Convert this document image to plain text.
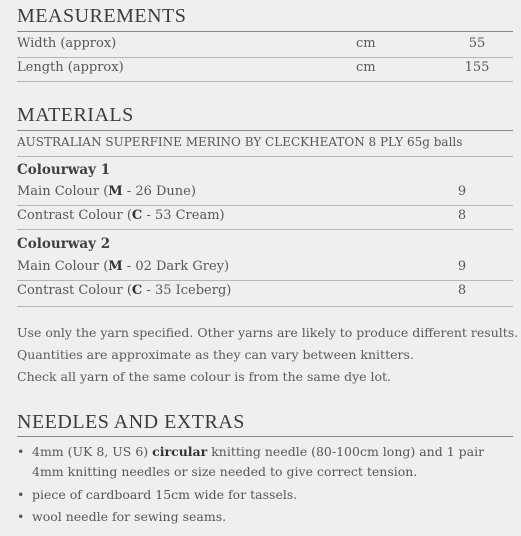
MEASUREMENTS
Width (approx)	cm	55
Length (approx)	cm	155
MATERIALS
AUSTRALIAN SUPERFINE MERINO BY CLECKHEATON 8 PLY 65g balls
Colourway 1
Main Colour (M - 26 Dune)	9
Contrast Colour (C - 53 Cream)	8
Colourway 2
Main Colour (M - 02 Dark Grey)	9
Contrast Colour (C - 35 Iceberg)	8
Use only the yarn specified. Other yarns are likely to produce different results.
Quantities are approximate as they can vary between knitters.
Check all yarn of the same colour is from the same dye lot.
NEEDLES AND EXTRAS
• 4mm (UK 8, US 6) circular knitting needle (80-100cm long) and 1 pair
4mm knitting needles or size needed to give correct tension.
• piece of cardboard 15cm wide for tassels.
• wool needle for sewing seams.
